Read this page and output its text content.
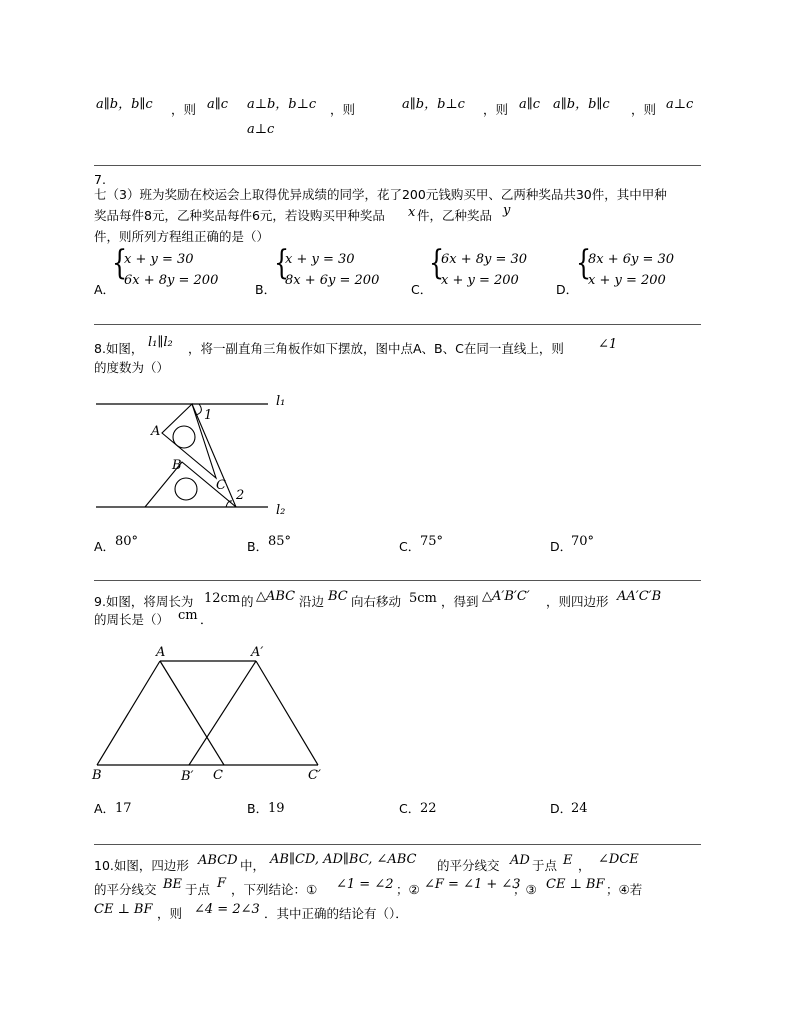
a∥b，b∥c ，则 a∥c a⊥b，b⊥c ，则
a⊥c
a∥b，b⊥c ，则 a∥c a∥b，b∥c ，则 a⊥c
7.
七（3）班为奖励在校运会上取得优异成绩的同学，花了200元钱购买甲、乙两种奖品共30件，其中甲种
奖品每件8元，乙种奖品每件6元，若设购买甲种奖品 x 件，乙种奖品 y
件，则所列方程组正确的是（）
A．
{
x + y = 30
6x + 8y = 200
B．
{
x + y = 30
8x + 6y = 200
C．
{
6x + 8y = 30
x + y = 200
D．
{
8x + 6y = 30
x + y = 200
8.如图， l₁∥l₂ ，将一副直角三角板作如下摆放，图中点A、B、C在同一直线上，则	∠1
的度数为（）
l₁
l₂
A
B
C
1
2
A． 80°	B． 85°	C． 75°	D．
70°
9.如图，将周长为 12cm 的 △ABC 沿边 BC 向右移动 5cm ，得到 △A′B′C′ ，则四边形 AA′C′B
的周长是（） cm ．
A	A′
B	B′ C	C′
A． 17	B． 19	C． 22	D．
24
10.如图，四边形 ABCD 中， AB∥CD, AD∥BC, ∠ABC 的平分线交 AD 于点 E ， ∠DCE
的平分线交 BE 于点 F ，下列结论：① ∠1 = ∠2 ；② ∠F = ∠1 + ∠3
；③ CE ⊥ BF ；④若
CE ⊥ BF ，则 ∠4 = 2∠3 ．其中正确的结论有（）．
